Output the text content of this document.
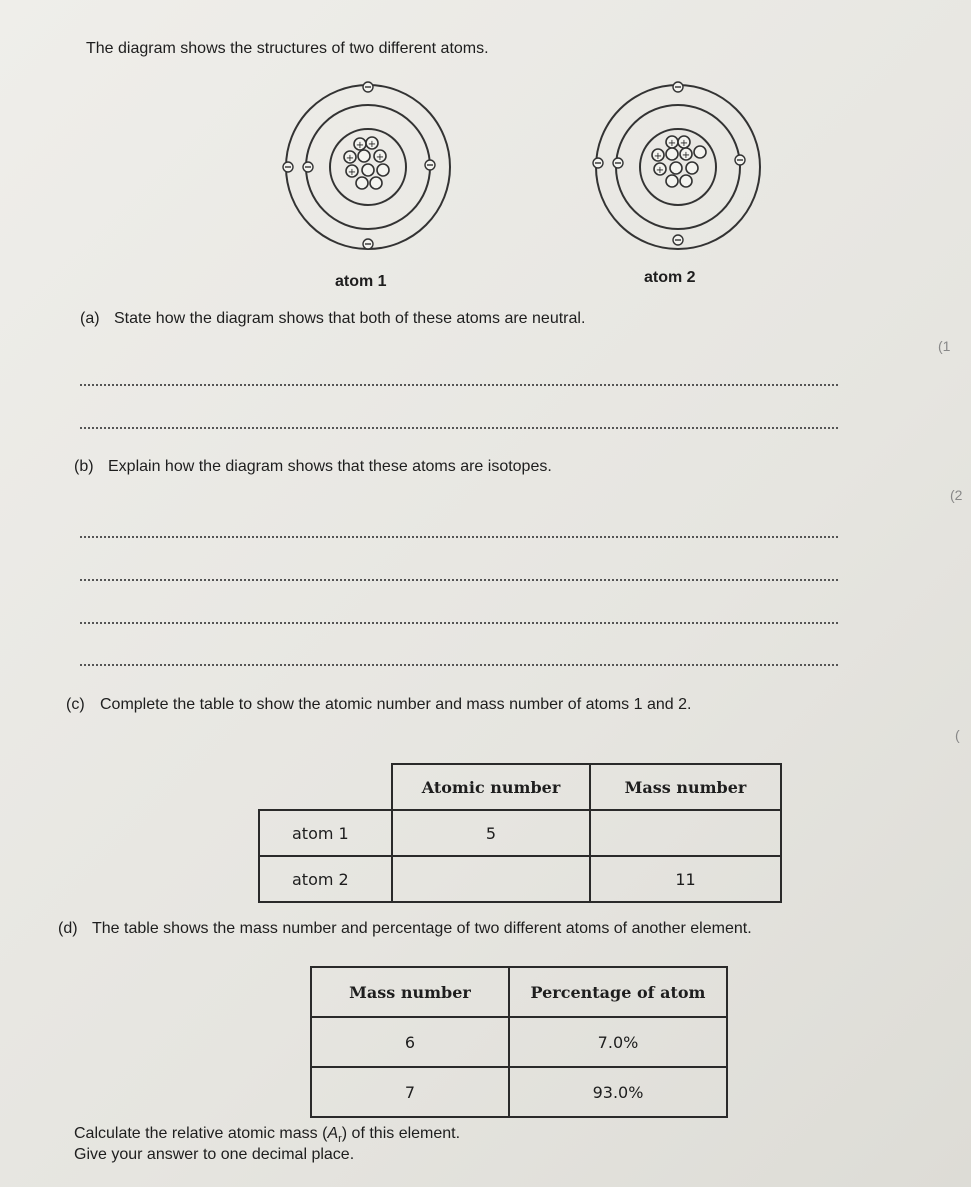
The diagram shows the structures of two different atoms.
+ +
+ +
+
+ +
+ +
+
atom 1	atom 2
(a) State how the diagram shows that both of these atoms are neutral.
(1
(b) Explain how the diagram shows that these atoms are isotopes.
(2
(c) Complete the table to show the atomic number and mass number of atoms 1 and 2.
(
	Atomic number	Mass number
atom 1	5	
atom 2		11
(d) The table shows the mass number and percentage of two different atoms of another element.
Mass number	Percentage of atom
6	7.0%
7	93.0%
Calculate the relative atomic mass $(A_r)$ of this element.
Give your answer to one decimal place.
